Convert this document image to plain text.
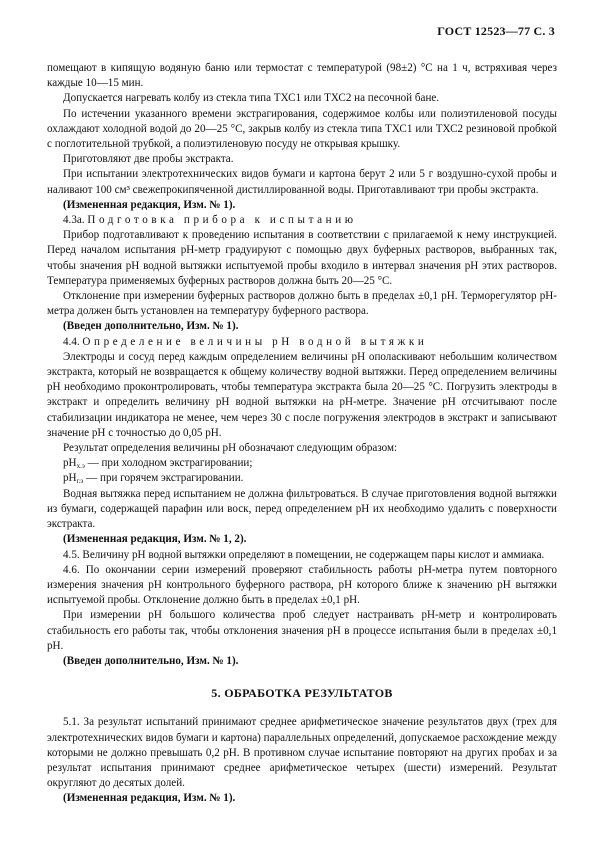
ГОСТ 12523—77 С. 3

помещают в кипящую водяную баню или термостат с температурой (98±2) °С на 1 ч, встряхивая через каждые 10—15 мин.

Допускается нагревать колбу из стекла типа ТХС1 или ТХС2 на песочной бане.

По истечении указанного времени экстрагирования, содержимое колбы или полиэтиленовой посуды охлаждают холодной водой до 20—25 °С, закрыв колбу из стекла типа ТХС1 или ТХС2 резиновой пробкой с поглотительной трубкой, а полиэтиленовую посуду не открывая крышку.

Приготовляют две пробы экстракта.

При испытании электротехнических видов бумаги и картона берут 2 или 5 г воздушно-сухой пробы и наливают 100 см³ свежепрокипяченной дистиллированной воды. Приготавливают три пробы экстракта.

(Измененная редакция, Изм. № 1).

4.3а. Подготовка прибора к испытанию

Прибор подготавливают к проведению испытания в соответствии с прилагаемой к нему инструкцией. Перед началом испытания рН-метр градуируют с помощью двух буферных растворов, выбранных так, чтобы значения рН водной вытяжки испытуемой пробы входило в интервал значения рН этих растворов. Температура применяемых буферных растворов должна быть 20—25 °С.

Отклонение при измерении буферных растворов должно быть в пределах ±0,1 рН. Терморегулятор рН-метра должен быть установлен на температуру буферного раствора.

(Введен дополнительно, Изм. № 1).

4.4. Определение величины рН водной вытяжки

Электроды и сосуд перед каждым определением величины рН ополаскивают небольшим количеством экстракта, который не возвращается к общему количеству водной вытяжки. Перед определением величины рН необходимо проконтролировать, чтобы температура экстракта была 20—25 °С. Погрузить электроды в экстракт и определить величину рН водной вытяжки на рН-метре. Значение рН отсчитывают после стабилизации индикатора не менее, чем через 30 с после погружения электродов в экстракт и записывают значение рН с точностью до 0,05 рН.

Результат определения величины рН обозначают следующим образом:

$рН_{х.э}$ — при холодном экстрагировании;

$рН_{г.э}$ — при горячем экстрагировании.

Водная вытяжка перед испытанием не должна фильтроваться. В случае приготовления водной вытяжки из бумаги, содержащей парафин или воск, перед определением рН их необходимо удалить с поверхности экстракта.

(Измененная редакция, Изм. № 1, 2).

4.5. Величину рН водной вытяжки определяют в помещении, не содержащем пары кислот и аммиака.

4.6. По окончании серии измерений проверяют стабильность работы рН-метра путем повторного измерения значения рН контрольного буферного раствора, рН которого ближе к значению рН вытяжки испытуемой пробы. Отклонение должно быть в пределах ±0,1 рН.

При измерении рН большого количества проб следует настраивать рН-метр и контролировать стабильность его работы так, чтобы отклонения значения рН в процессе испытания были в пределах ±0,1 рН.

(Введен дополнительно, Изм. № 1).

5. ОБРАБОТКА РЕЗУЛЬТАТОВ

5.1. За результат испытаний принимают среднее арифметическое значение результатов двух (трех для электротехнических видов бумаги и картона) параллельных определений, допускаемое расхождение между которыми не должно превышать 0,2 рН. В противном случае испытание повторяют на других пробах и за результат испытания принимают среднее арифметическое четырех (шести) измерений. Результат округляют до десятых долей.

(Измененная редакция, Изм. № 1).
